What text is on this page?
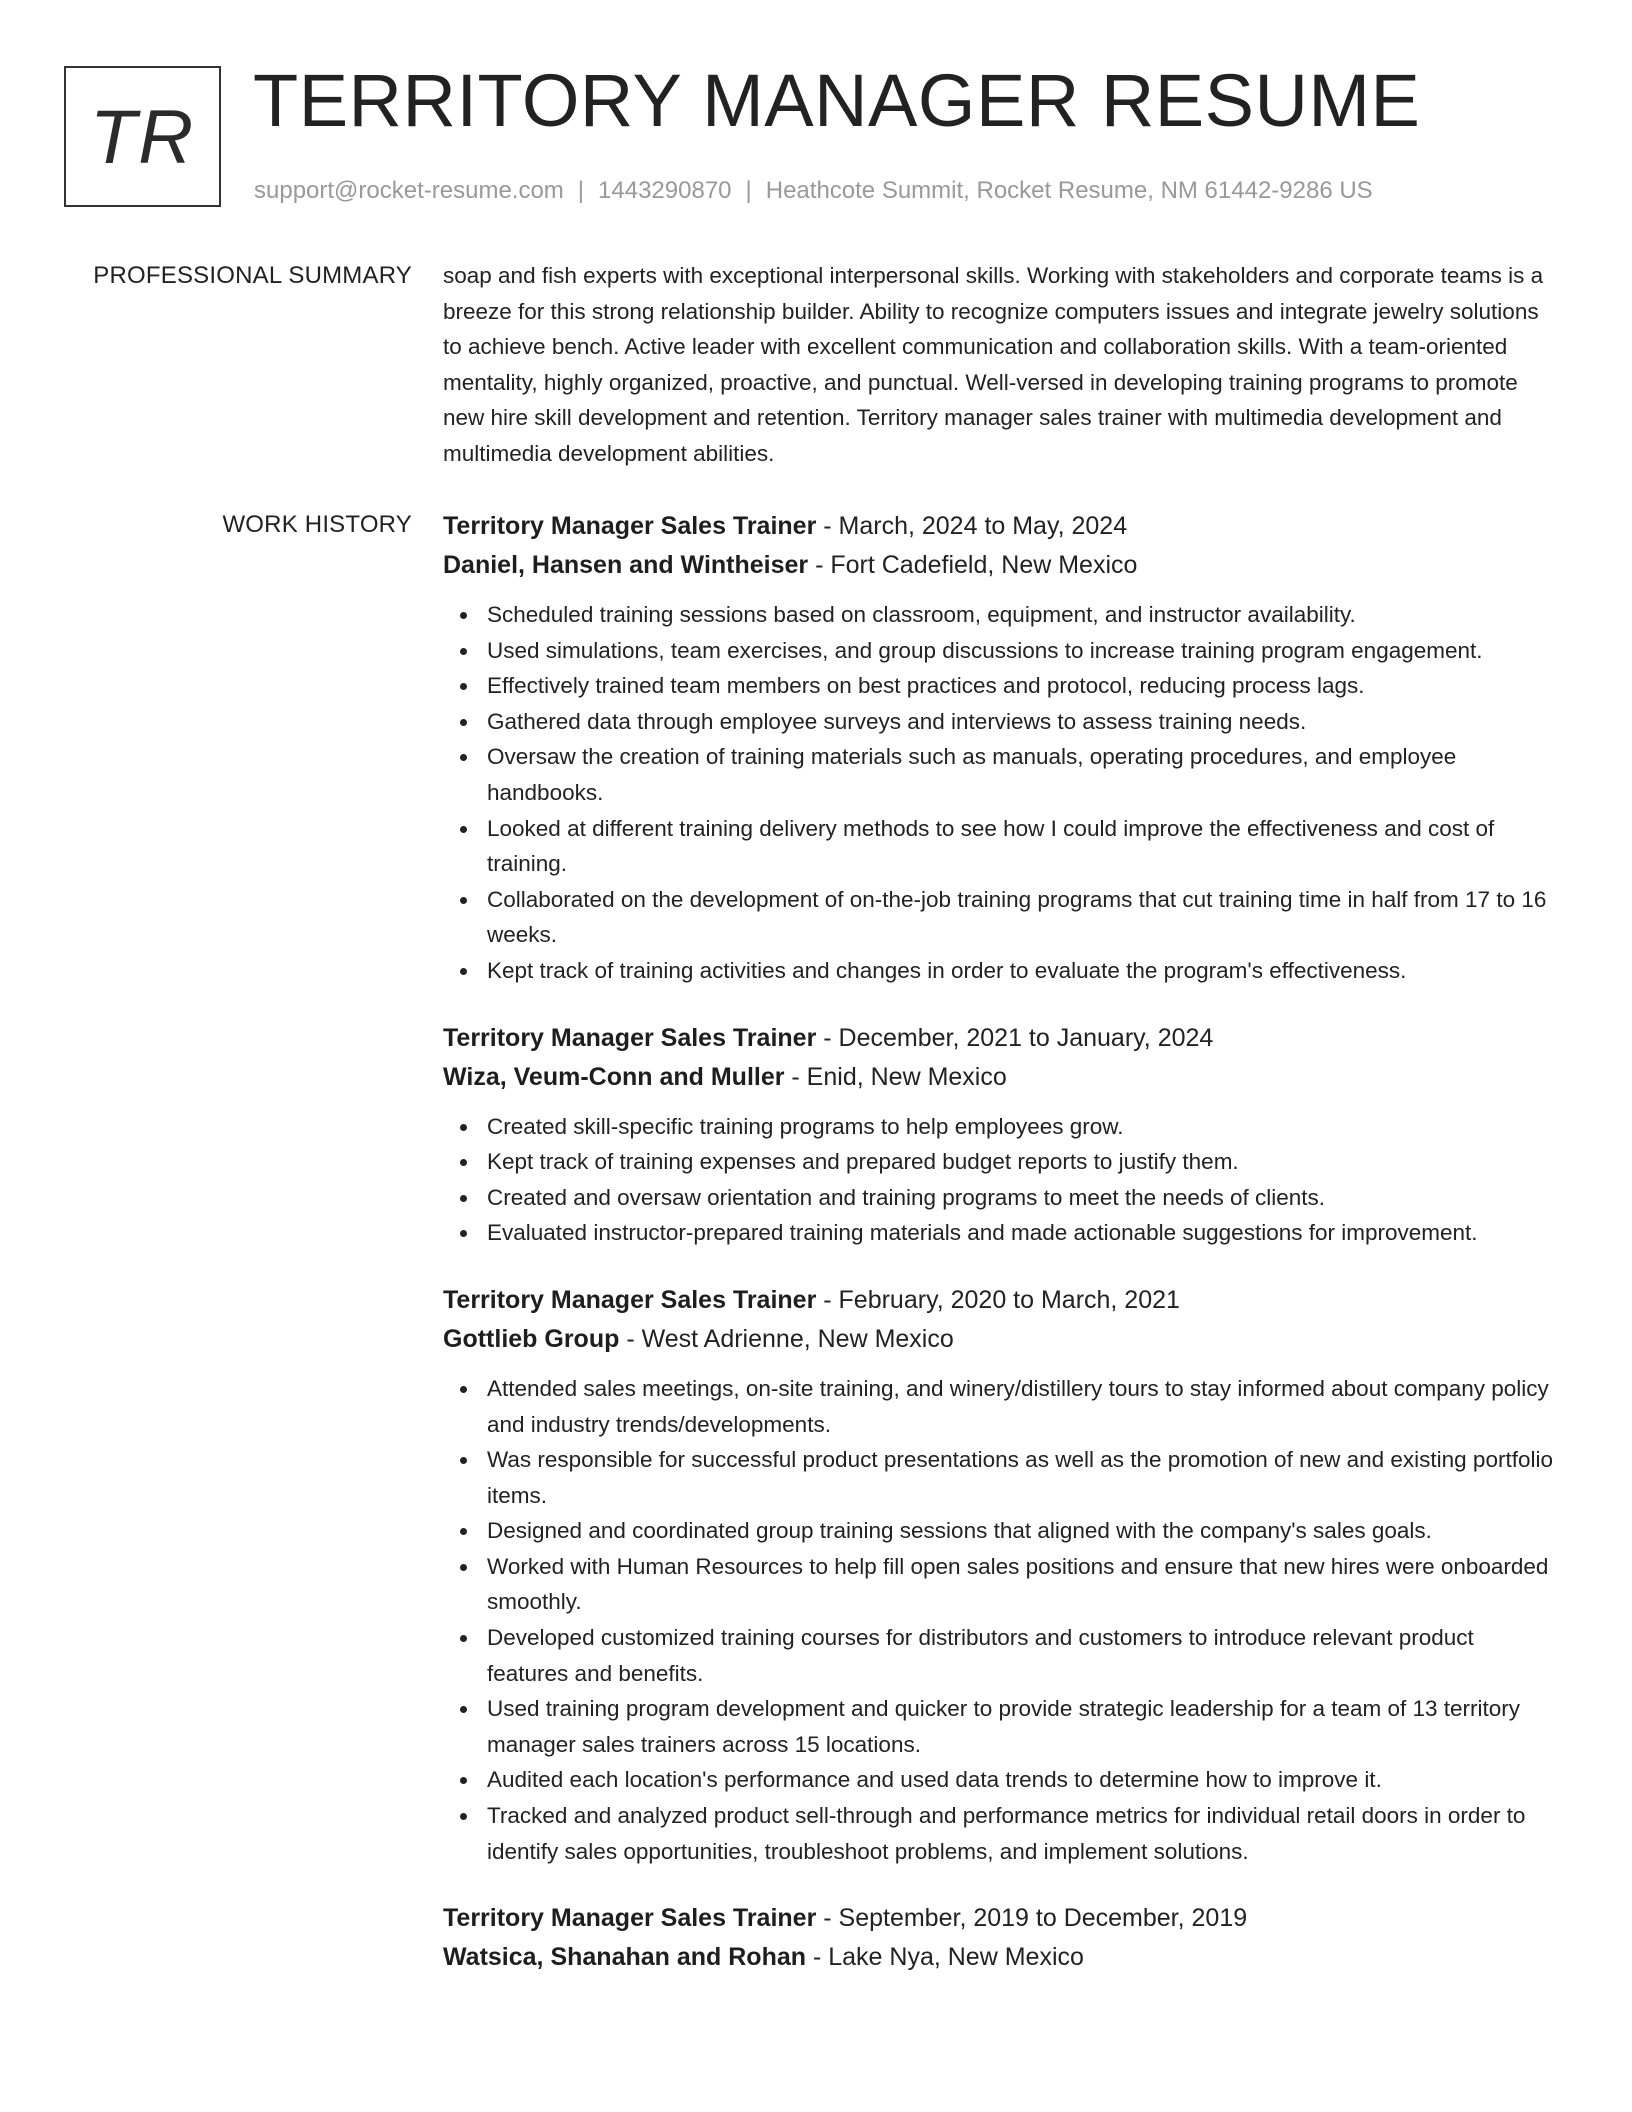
TR TERRITORY MANAGER RESUME
support@rocket-resume.com | 1443290870 | Heathcote Summit, Rocket Resume, NM 61442-9286 US
PROFESSIONAL SUMMARY soap and fish experts with exceptional interpersonal skills. Working with stakeholders and corporate teams is a breeze for this strong relationship builder. Ability to recognize computers issues and integrate jewelry solutions to achieve bench. Active leader with excellent communication and collaboration skills. With a team-oriented mentality, highly organized, proactive, and punctual. Well-versed in developing training programs to promote new hire skill development and retention. Territory manager sales trainer with multimedia development and multimedia development abilities.

WORK HISTORY Territory Manager Sales Trainer - March, 2024 to May, 2024
Daniel, Hansen and Wintheiser - Fort Cadefield, New Mexico
Scheduled training sessions based on classroom, equipment, and instructor availability.
Used simulations, team exercises, and group discussions to increase training program engagement.
Effectively trained team members on best practices and protocol, reducing process lags.
Gathered data through employee surveys and interviews to assess training needs.
Oversaw the creation of training materials such as manuals, operating procedures, and employee handbooks.
Looked at different training delivery methods to see how I could improve the effectiveness and cost of training.
Collaborated on the development of on-the-job training programs that cut training time in half from 17 to 16 weeks.
Kept track of training activities and changes in order to evaluate the program's effectiveness.
Territory Manager Sales Trainer - December, 2021 to January, 2024
Wiza, Veum-Conn and Muller - Enid, New Mexico
Created skill-specific training programs to help employees grow.
Kept track of training expenses and prepared budget reports to justify them.
Created and oversaw orientation and training programs to meet the needs of clients.
Evaluated instructor-prepared training materials and made actionable suggestions for improvement.
Territory Manager Sales Trainer - February, 2020 to March, 2021
Gottlieb Group - West Adrienne, New Mexico
Attended sales meetings, on-site training, and winery/distillery tours to stay informed about company policy and industry trends/developments.
Was responsible for successful product presentations as well as the promotion of new and existing portfolio items.
Designed and coordinated group training sessions that aligned with the company's sales goals.
Worked with Human Resources to help fill open sales positions and ensure that new hires were onboarded smoothly.
Developed customized training courses for distributors and customers to introduce relevant product features and benefits.
Used training program development and quicker to provide strategic leadership for a team of 13 territory manager sales trainers across 15 locations.
Audited each location's performance and used data trends to determine how to improve it.
Tracked and analyzed product sell-through and performance metrics for individual retail doors in order to identify sales opportunities, troubleshoot problems, and implement solutions.
Territory Manager Sales Trainer - September, 2019 to December, 2019
Watsica, Shanahan and Rohan - Lake Nya, New Mexico
